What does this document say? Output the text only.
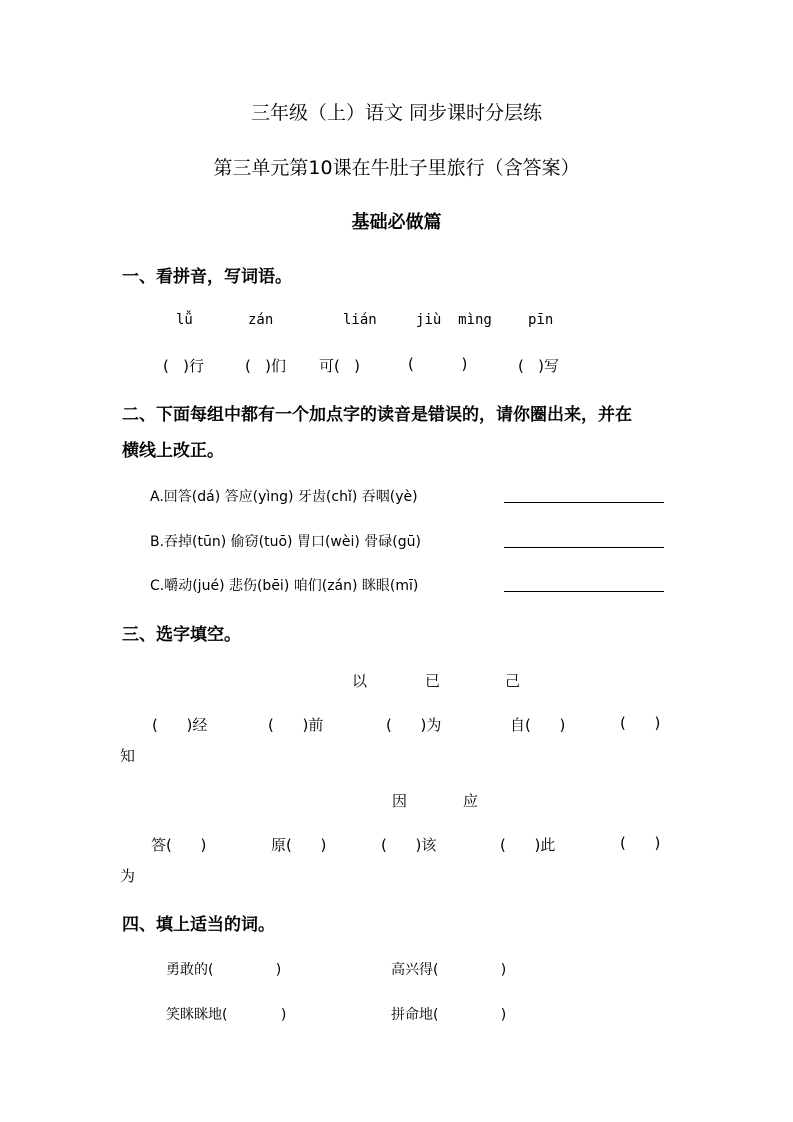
三年级（上）语文 同步课时分层练
第三单元第10课在牛肚子里旅行（含答案）
基础必做篇
一、看拼音，写词语。
lǚ	zán	lián	jiù  mìng	pīn
(   )行	(   )们 可(   )	(          )	(   )写
二、下面每组中都有一个加点字的读音是错误的，请你圈出来，并在
横线上改正。
A.回答(dá) 答应(yìng) 牙齿(chǐ) 吞咽(yè)
B.吞掉(tūn) 偷窃(tuō) 胃口(wèi) 骨碌(gū)
C.嚼动(jué) 悲伤(bēi) 咱们(zán) 眯眼(mī)
三、选字填空。
以	已	己
(      )经	(      )前	(      )为	自(      )	(      )
知
因	应
答(      )	原(      )	(      )该	(      )此	(      )
为
四、填上适当的词。
勇敢的(              )	高兴得(              )
笑眯眯地(            )	拼命地(              )
